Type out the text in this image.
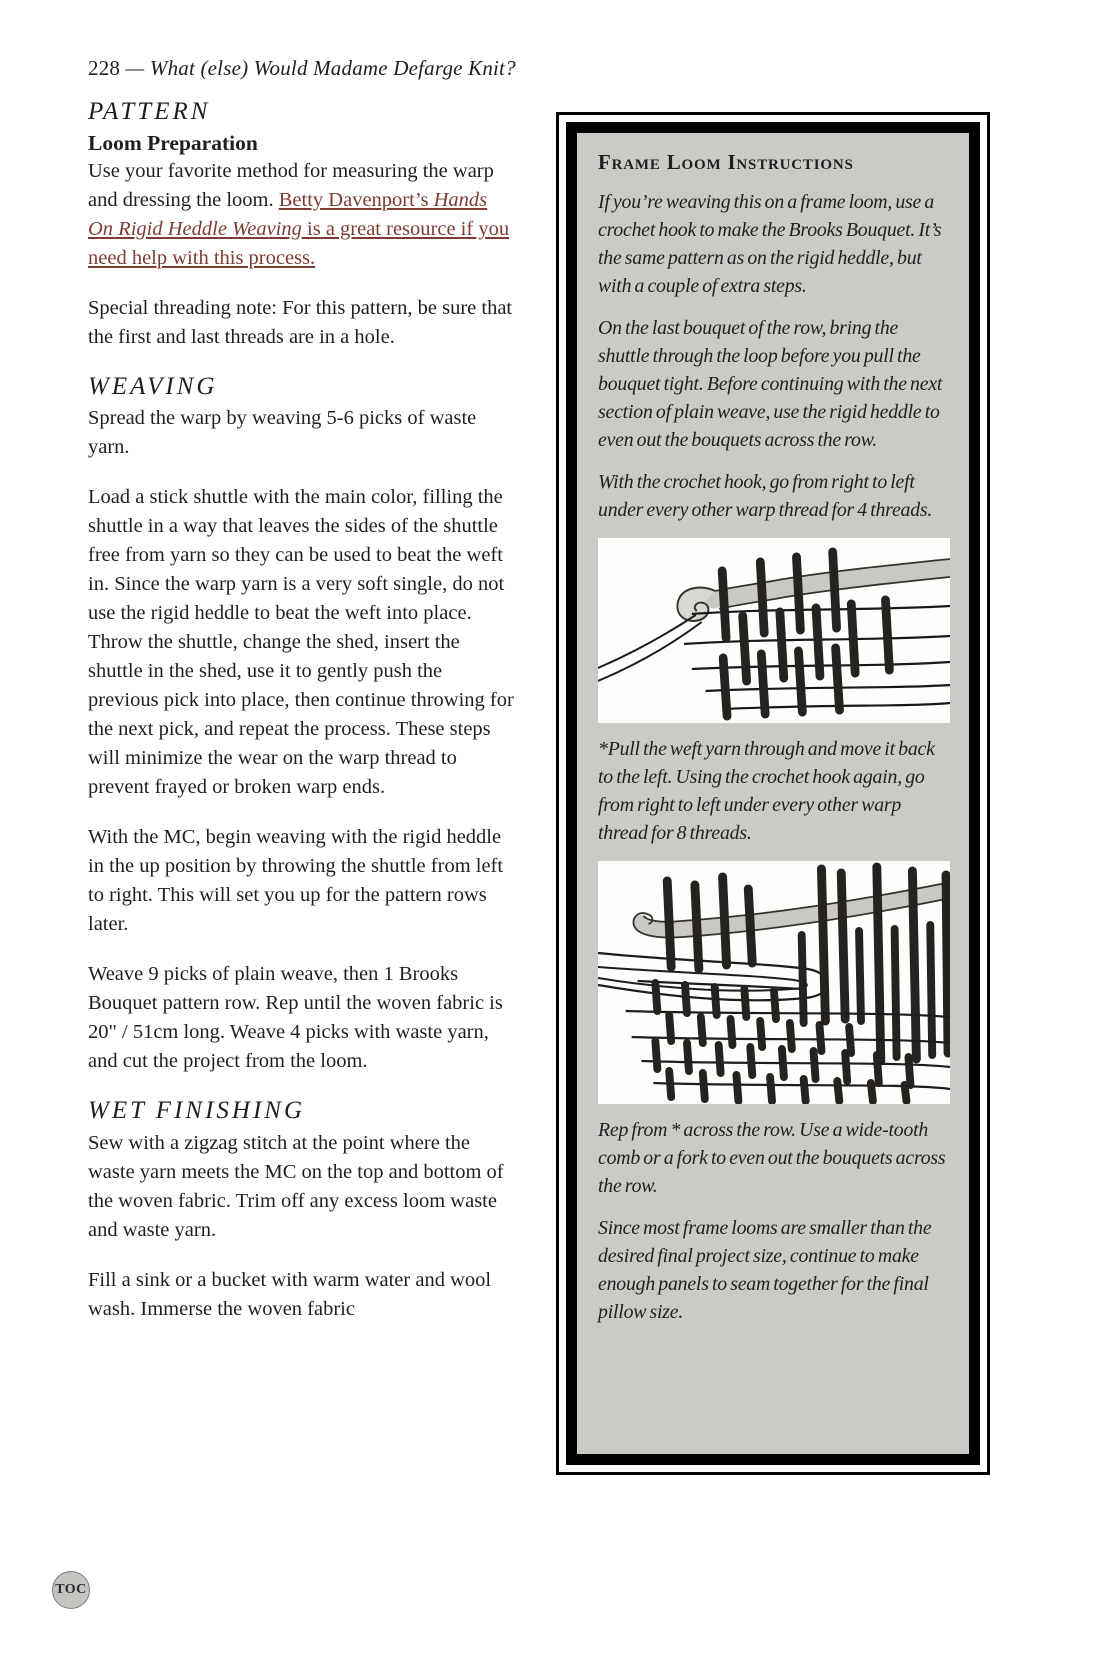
228 — What (else) Would Madame Defarge Knit?
PATTERN
Loom Preparation

Use your favorite method for measuring the warp and dressing the loom. Betty Davenport’s Hands On Rigid Heddle Weaving is a great resource if you need help with this process.

Special threading note: For this pattern, be sure that the first and last threads are in a hole.

WEAVING

Spread the warp by weaving 5-6 picks of waste yarn.

Load a stick shuttle with the main color, filling the shuttle in a way that leaves the sides of the shuttle free from yarn so they can be used to beat the weft in. Since the warp yarn is a very soft single, do not use the rigid heddle to beat the weft into place. Throw the shuttle, change the shed, insert the shuttle in the shed, use it to gently push the previous pick into place, then continue throwing for the next pick, and repeat the process. These steps will minimize the wear on the warp thread to prevent frayed or broken warp ends.

With the MC, begin weaving with the rigid heddle in the up position by throwing the shuttle from left to right. This will set you up for the pattern rows later.

Weave 9 picks of plain weave, then 1 Brooks Bouquet pattern row. Rep until the woven fabric is 20" / 51cm long. Weave 4 picks with waste yarn, and cut the project from the loom.

WET FINISHING

Sew with a zigzag stitch at the point where the waste yarn meets the MC on the top and bottom of the woven fabric. Trim off any excess loom waste and waste yarn.

Fill a sink or a bucket with warm water and wool wash. Immerse the woven fabric

Frame Loom Instructions

If you’re weaving this on a frame loom, use a crochet hook to make the Brooks Bouquet. It’s the same pattern as on the rigid heddle, but with a couple of extra steps.

On the last bouquet of the row, bring the shuttle through the loop before you pull the bouquet tight. Before continuing with the next section of plain weave, use the rigid heddle to even out the bouquets across the row.

With the crochet hook, go from right to left under every other warp thread for 4 threads.

*Pull the weft yarn through and move it back to the left. Using the crochet hook again, go from right to left under every other warp thread for 8 threads.

Rep from * across the row. Use a wide-tooth comb or a fork to even out the bouquets across the row.

Since most frame looms are smaller than the desired final project size, continue to make enough panels to seam together for the final pillow size.

TOC
